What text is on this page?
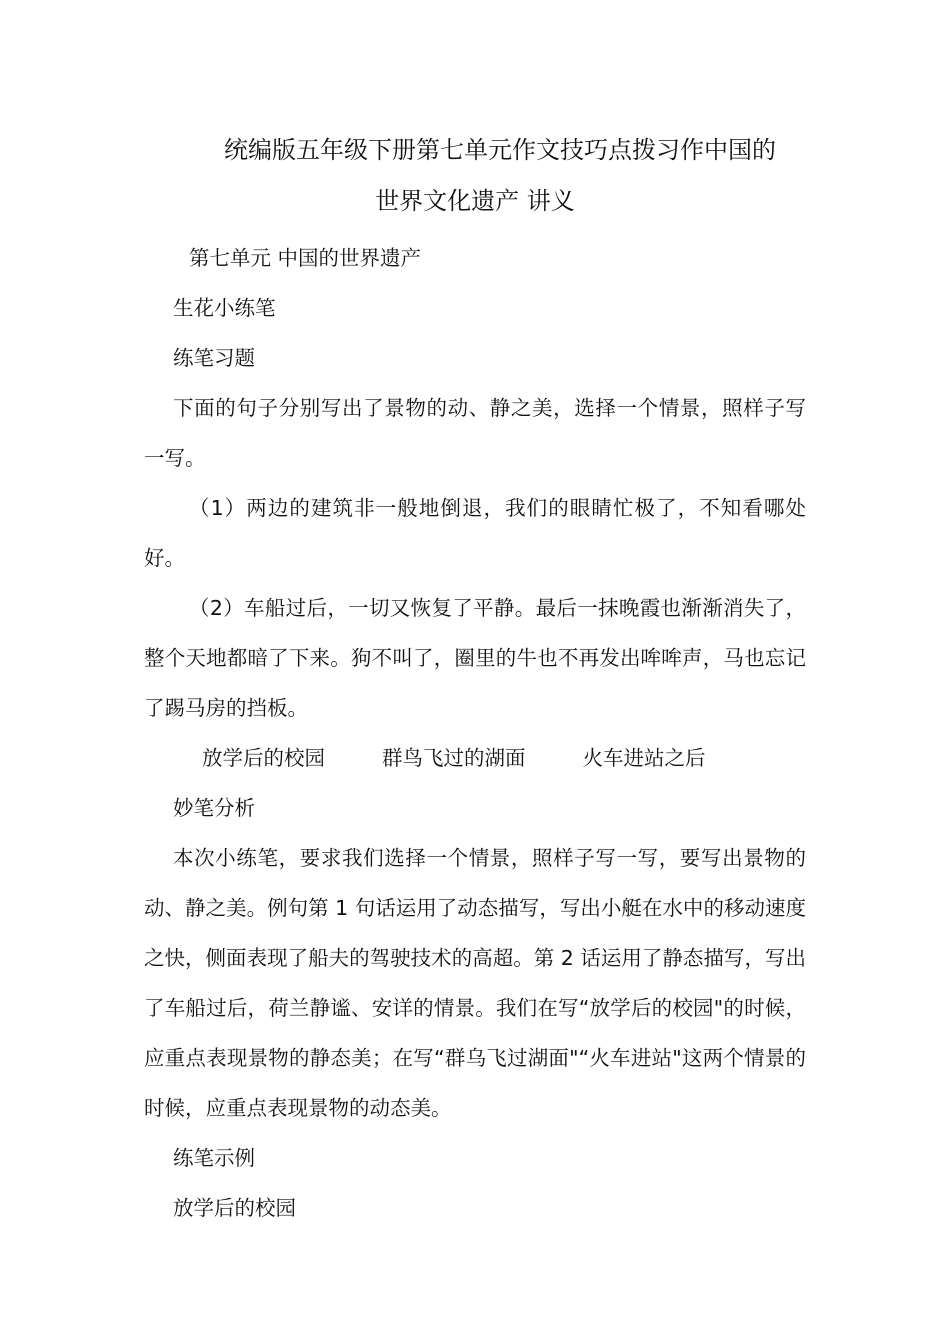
统编版五年级下册第七单元作文技巧点拨习作中国的
世界文化遗产 讲义

第七单元 中国的世界遗产

生花小练笔

练笔习题

下面的句子分别写出了景物的动、静之美，选择一个情景，照样子写一写。

（1）两边的建筑非一般地倒退，我们的眼睛忙极了，不知看哪处好。

（2）车船过后，一切又恢复了平静。最后一抹晚霞也渐渐消失了，整个天地都暗了下来。狗不叫了，圈里的牛也不再发出哞哞声，马也忘记了踢马房的挡板。

放学后的校园	群鸟飞过的湖面	火车进站之后

妙笔分析

本次小练笔，要求我们选择一个情景，照样子写一写，要写出景物的动、静之美。例句第 1 句话运用了动态描写，写出小艇在水中的移动速度之快，侧面表现了船夫的驾驶技术的高超。第 2 话运用了静态描写，写出了车船过后，荷兰静谧、安详的情景。我们在写“放学后的校园"的时候，应重点表现景物的静态美；在写“群乌飞过湖面"“火车进站"这两个情景的时候，应重点表现景物的动态美。

练笔示例

放学后的校园
